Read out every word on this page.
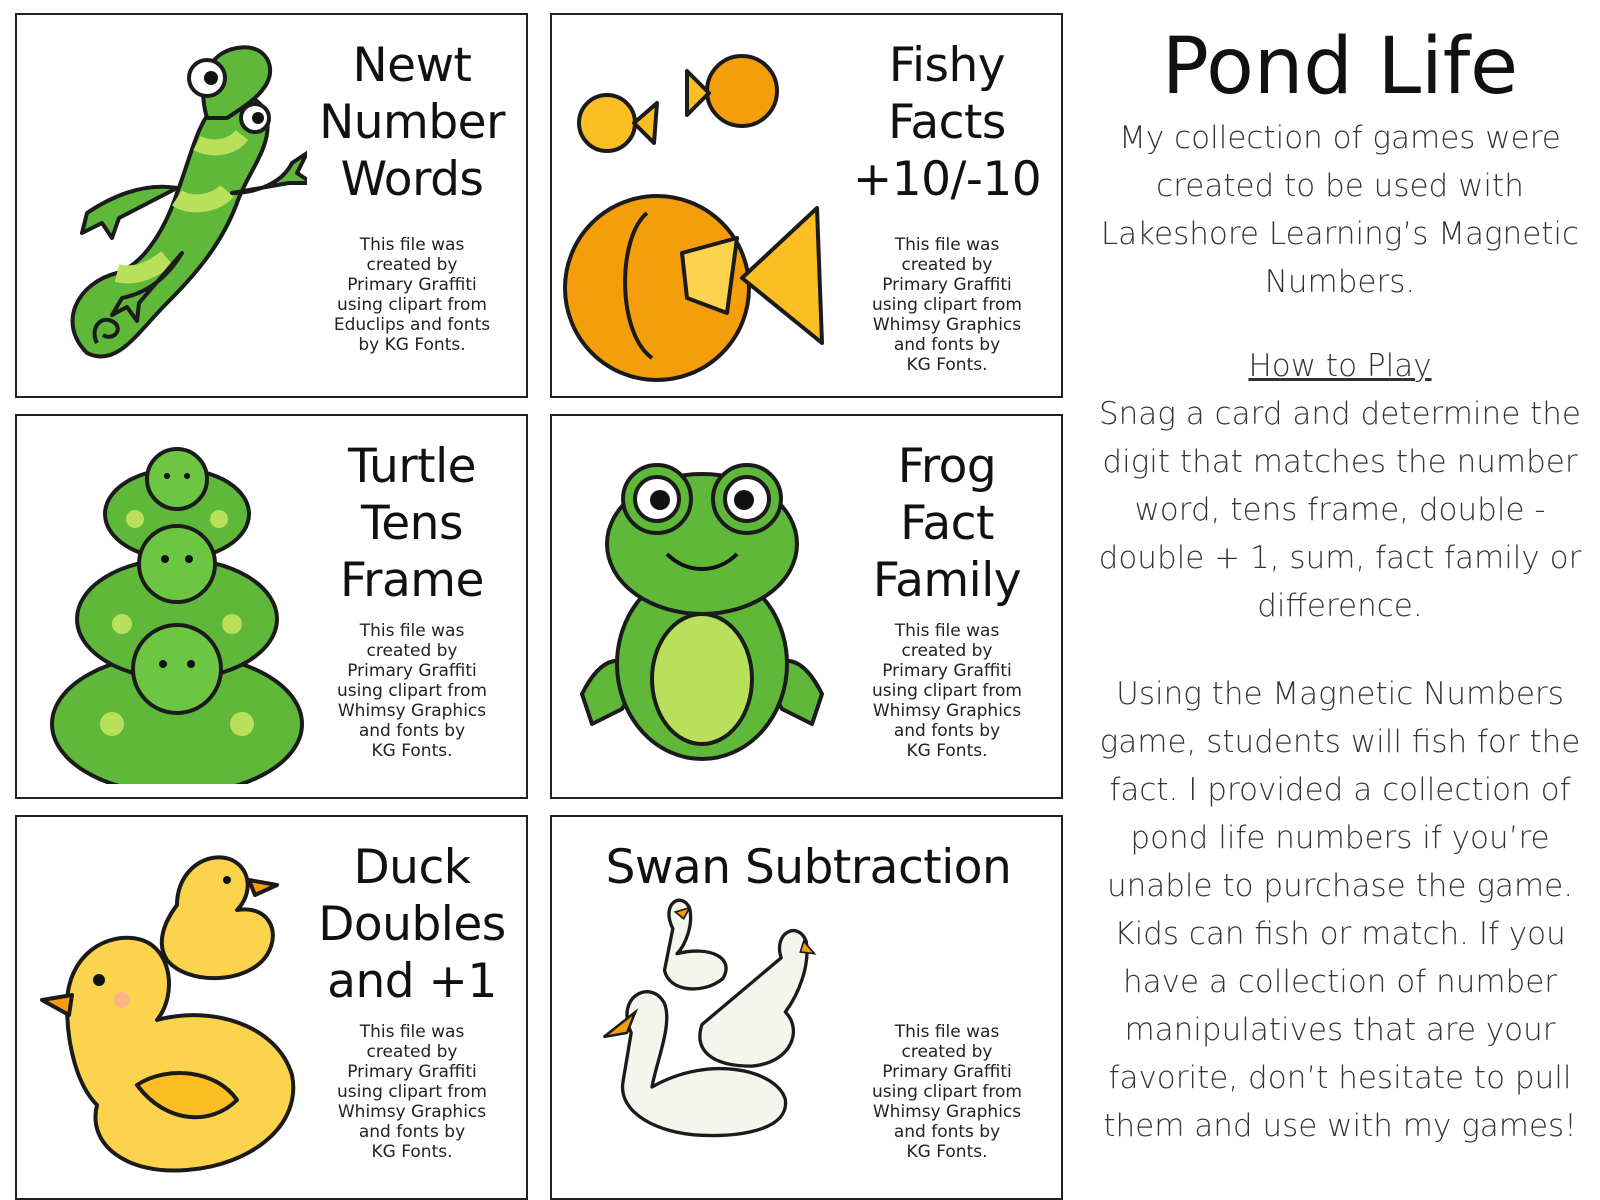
Newt
Number
Words
This file was
created by
Primary Graffiti
using clipart from
Educlips and fonts
by KG Fonts.
Fishy
Facts
+10/-10
This file was
created by
Primary Graffiti
using clipart from
Whimsy Graphics
and fonts by
KG Fonts.
Turtle
Tens
Frame
This file was
created by
Primary Graffiti
using clipart from
Whimsy Graphics
and fonts by
KG Fonts.
Frog
Fact
Family
This file was
created by
Primary Graffiti
using clipart from
Whimsy Graphics
and fonts by
KG Fonts.
Duck
Doubles
and +1
This file was
created by
Primary Graffiti
using clipart from
Whimsy Graphics
and fonts by
KG Fonts.
Swan Subtraction
This file was
created by
Primary Graffiti
using clipart from
Whimsy Graphics
and fonts by
KG Fonts.
Pond Life

My collection of games were created to be used with Lakeshore Learning’s Magnetic Numbers.

How to Play

Snag a card and determine the digit that matches the number word, tens frame, double - double + 1, sum, fact family or difference.

Using the Magnetic Numbers game, students will fish for the fact. I provided a collection of pond life numbers if you’re unable to purchase the game. Kids can fish or match. If you have a collection of number manipulatives that are your favorite, don’t hesitate to pull them and use with my games!
